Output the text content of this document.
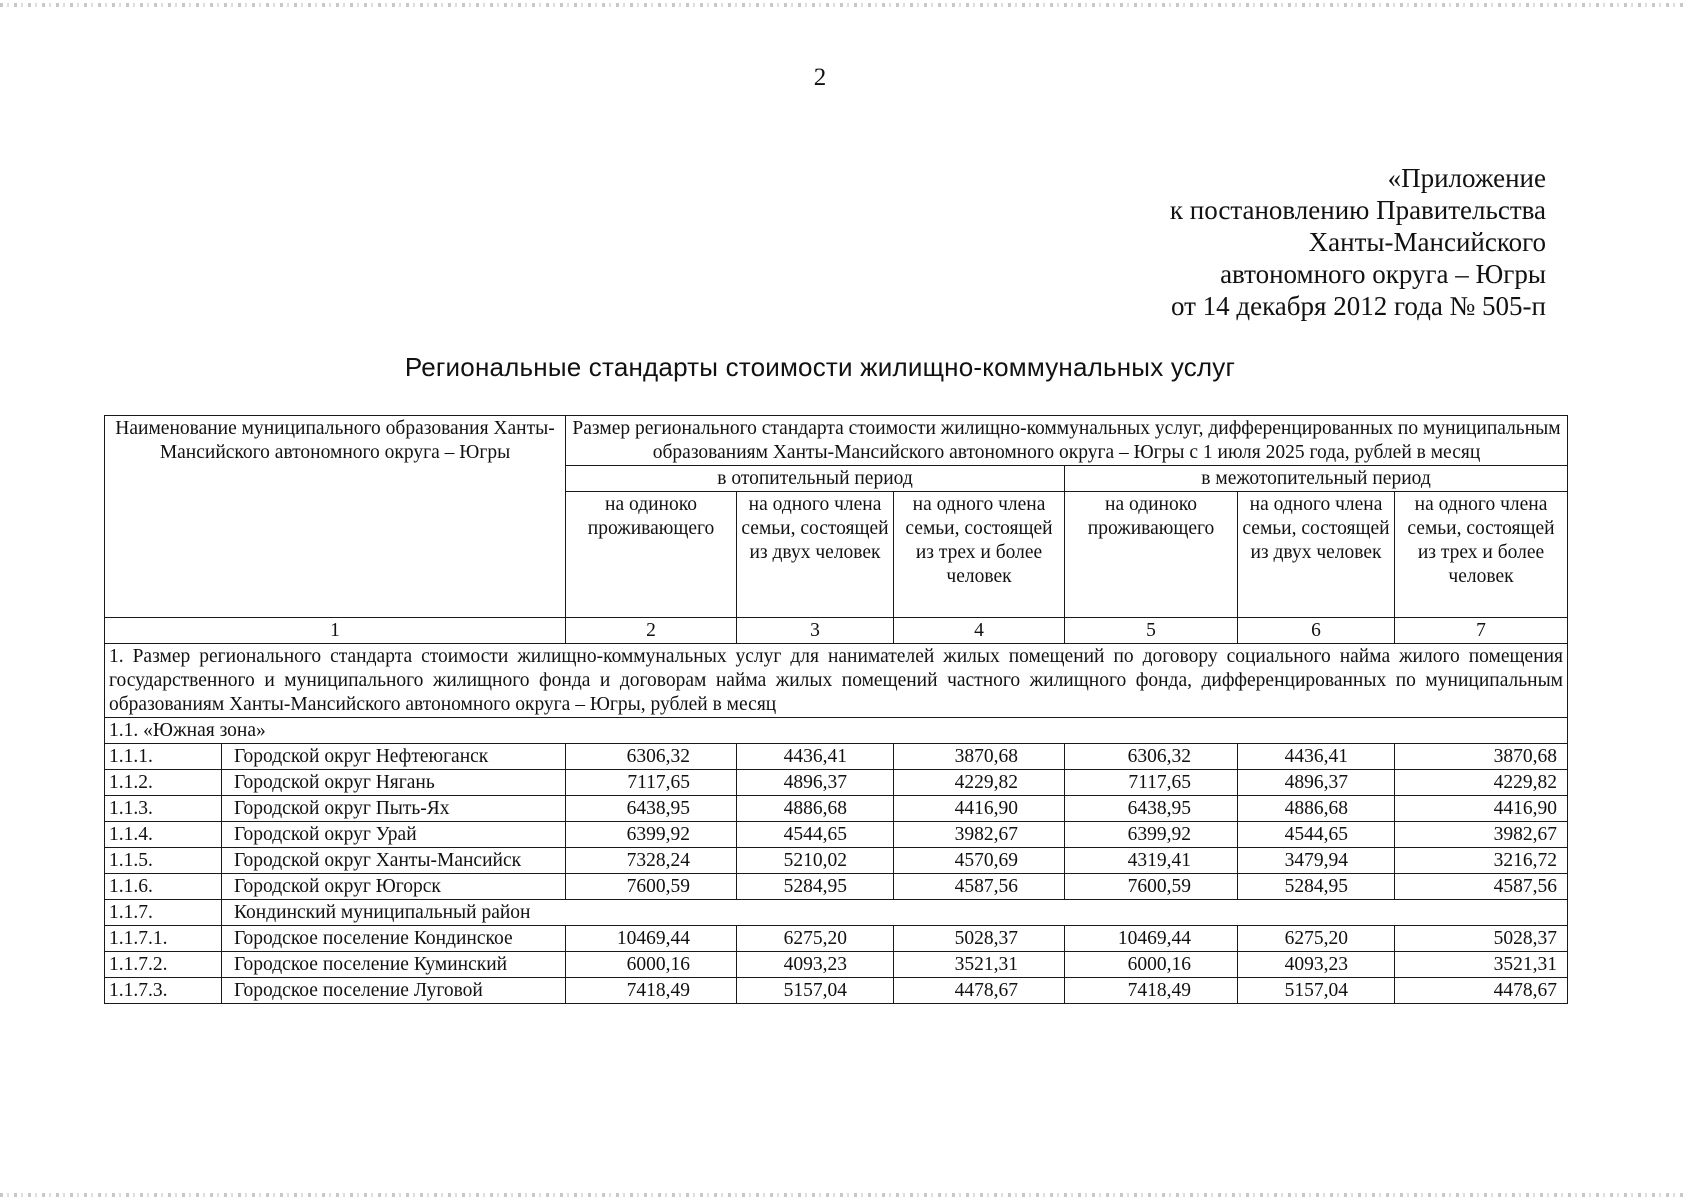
2
«Приложение
к постановлению Правительства
Ханты-Мансийского
автономного округа – Югры
от 14 декабря 2012 года № 505-п
Региональные стандарты стоимости жилищно-коммунальных услуг
Наименование муниципального образования Ханты-Мансийского автономного округа – Югры		Размер регионального стандарта стоимости жилищно-коммунальных услуг, дифференцированных по муниципальным образованиям Ханты-Мансийского автономного округа – Югры с 1 июля 2025 года, рублей в месяц					
		в отопительный период			в межотопительный период		
		на одиноко проживающего	на одного члена семьи, состоящей из двух человек	на одного члена семьи, состоящей из трех и более человек	на одиноко проживающего	на одного члена семьи, состоящей из двух человек	на одного члена семьи, состоящей из трех и более человек
1		2	3	4	5	6	7
1. Размер регионального стандарта стоимости жилищно-коммунальных услуг для нанимателей жилых помещений по договору социального найма жилого помещения государственного и муниципального жилищного фонда и договорам найма жилых помещений частного жилищного фонда, дифференцированных по муниципальным образованиям Ханты-Мансийского автономного округа – Югры, рублей в месяц							
1.1. «Южная зона»							
1.1.1.	Городской округ Нефтеюганск	6306,32	4436,41	3870,68	6306,32	4436,41	3870,68
1.1.2.	Городской округ Нягань	7117,65	4896,37	4229,82	7117,65	4896,37	4229,82
1.1.3.	Городской округ Пыть-Ях	6438,95	4886,68	4416,90	6438,95	4886,68	4416,90
1.1.4.	Городской округ Урай	6399,92	4544,65	3982,67	6399,92	4544,65	3982,67
1.1.5.	Городской округ Ханты-Мансийск	7328,24	5210,02	4570,69	4319,41	3479,94	3216,72
1.1.6.	Городской округ Югорск	7600,59	5284,95	4587,56	7600,59	5284,95	4587,56
1.1.7.	Кондинский муниципальный район						
1.1.7.1.	Городское поселение Кондинское	10469,44	6275,20	5028,37	10469,44	6275,20	5028,37
1.1.7.2.	Городское поселение Куминский	6000,16	4093,23	3521,31	6000,16	4093,23	3521,31
1.1.7.3.	Городское поселение Луговой	7418,49	5157,04	4478,67	7418,49	5157,04	4478,67
